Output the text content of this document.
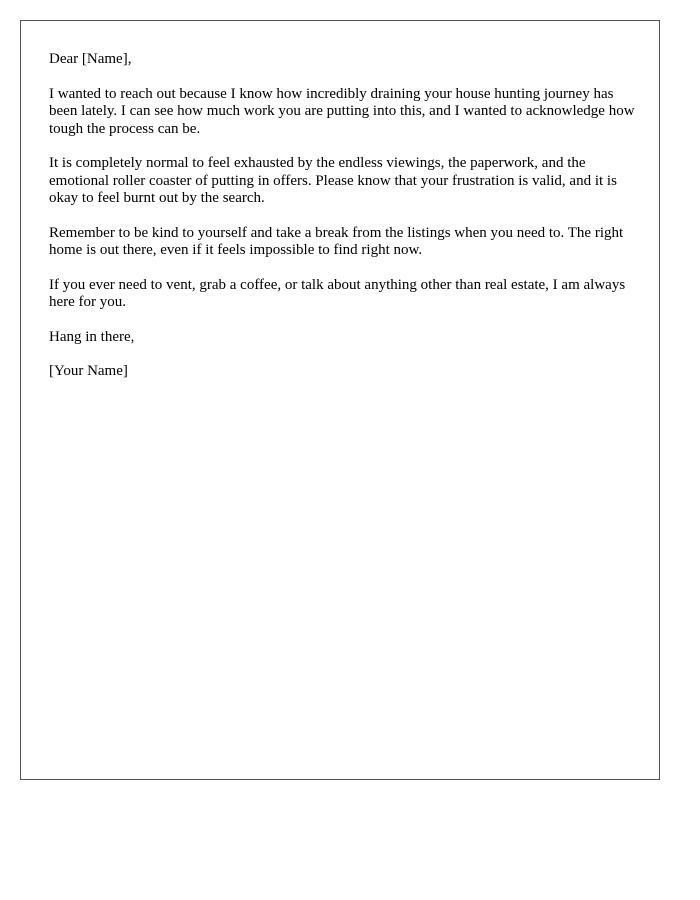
Dear [Name],

I wanted to reach out because I know how incredibly draining your house hunting journey has been lately. I can see how much work you are putting into this, and I wanted to acknowledge how tough the process can be.

It is completely normal to feel exhausted by the endless viewings, the paperwork, and the emotional roller coaster of putting in offers. Please know that your frustration is valid, and it is okay to feel burnt out by the search.

Remember to be kind to yourself and take a break from the listings when you need to. The right home is out there, even if it feels impossible to find right now.

If you ever need to vent, grab a coffee, or talk about anything other than real estate, I am always here for you.

Hang in there,

[Your Name]
